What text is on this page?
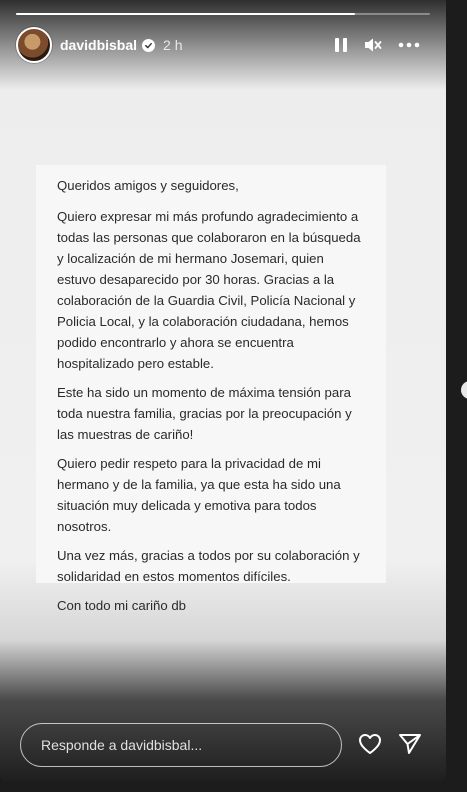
davidbisbal 2 h

Queridos amigos y seguidores,

Quiero expresar mi más profundo agradecimiento a todas las personas que colaboraron en la búsqueda y localización de mi hermano Josemari, quien estuvo desaparecido por 30 horas. Gracias a la colaboración de la Guardia Civil, Policía Nacional y Policia Local, y la colaboración ciudadana, hemos podido encontrarlo y ahora se encuentra hospitalizado pero estable.

Este ha sido un momento de máxima tensión para toda nuestra familia, gracias por la preocupación y las muestras de cariño!

Quiero pedir respeto para la privacidad de mi hermano y de la familia, ya que esta ha sido una situación muy delicada y emotiva para todos nosotros.

Una vez más, gracias a todos por su colaboración y solidaridad en estos momentos difíciles.

Con todo mi cariño db

Responde a davidbisbal...
